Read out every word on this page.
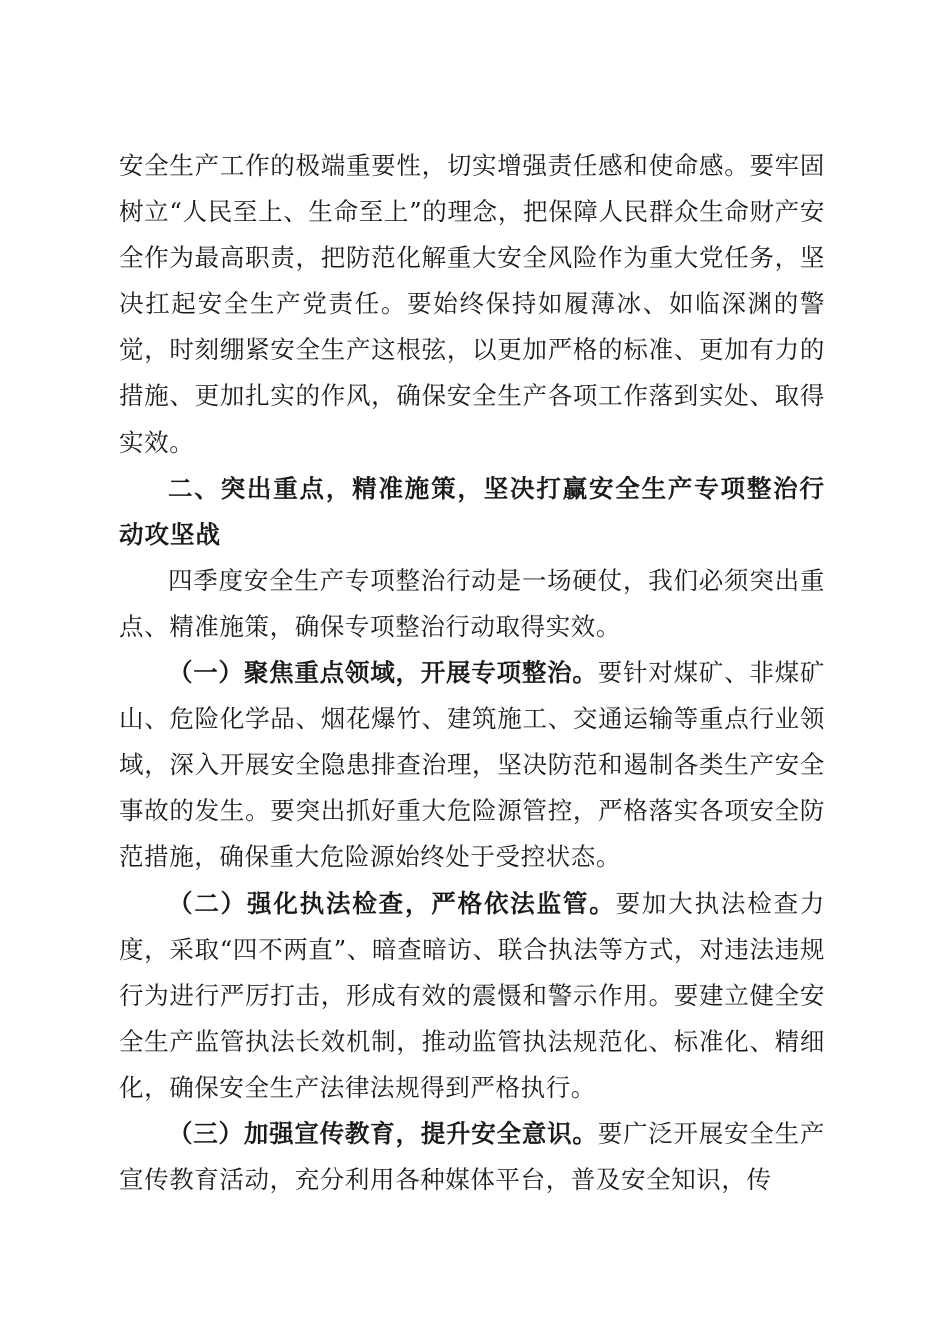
安全生产工作的极端重要性，切实增强责任感和使命感。要牢固树立“人民至上、生命至上”的理念，把保障人民群众生命财产安全作为最高职责，把防范化解重大安全风险作为重大党任务，坚决扛起安全生产党责任。要始终保持如履薄冰、如临深渊的警觉，时刻绷紧安全生产这根弦，以更加严格的标准、更加有力的措施、更加扎实的作风，确保安全生产各项工作落到实处、取得实效。

二、突出重点，精准施策，坚决打赢安全生产专项整治行动攻坚战

四季度安全生产专项整治行动是一场硬仗，我们必须突出重点、精准施策，确保专项整治行动取得实效。

（一）聚焦重点领域，开展专项整治。要针对煤矿、非煤矿山、危险化学品、烟花爆竹、建筑施工、交通运输等重点行业领域，深入开展安全隐患排查治理，坚决防范和遏制各类生产安全事故的发生。要突出抓好重大危险源管控，严格落实各项安全防范措施，确保重大危险源始终处于受控状态。

（二）强化执法检查，严格依法监管。要加大执法检查力度，采取“四不两直”、暗查暗访、联合执法等方式，对违法违规行为进行严厉打击，形成有效的震慑和警示作用。要建立健全安全生产监管执法长效机制，推动监管执法规范化、标准化、精细化，确保安全生产法律法规得到严格执行。

（三）加强宣传教育，提升安全意识。要广泛开展安全生产宣传教育活动，充分利用各种媒体平台，普及安全知识，传
